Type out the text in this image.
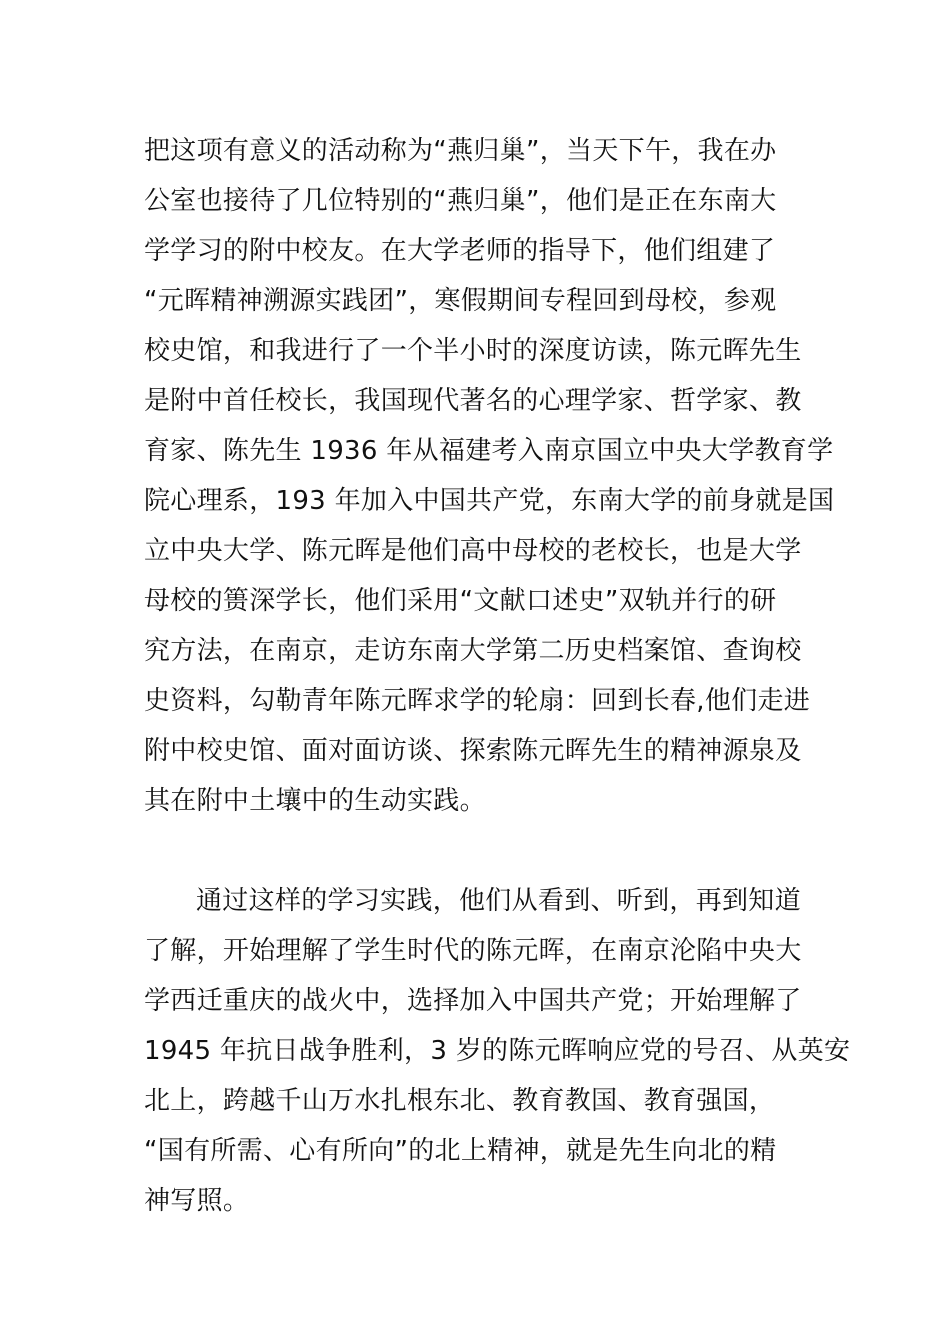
把这项有意义的活动称为“燕归巢”，当天下午，我在办
公室也接待了几位特别的“燕归巢”，他们是正在东南大
学学习的附中校友。在大学老师的指导下，他们组建了
“元晖精神溯源实践团”，寒假期间专程回到母校，参观
校史馆，和我进行了一个半小时的深度访读，陈元晖先生
是附中首任校长，我国现代著名的心理学家、哲学家、教
育家、陈先生 1936 年从福建考入南京国立中央大学教育学
院心理系，193 年加入中国共产党，东南大学的前身就是国
立中央大学、陈元晖是他们高中母校的老校长，也是大学
母校的篑深学长，他们采用“文献口述史”双轨并行的研
究方法，在南京，走访东南大学第二历史档案馆、查询校
史资料，勾勒青年陈元晖求学的轮扇：回到长春,他们走进
附中校史馆、面对面访谈、探索陈元晖先生的精神源泉及
其在附中土壤中的生动实践。
通过这样的学习实践，他们从看到、听到，再到知道
了解，开始理解了学生时代的陈元晖，在南京沦陷中央大
学西迁重庆的战火中，选择加入中国共产党；开始理解了
1945 年抗日战争胜利，3 岁的陈元晖响应党的号召、从英安
北上，跨越千山万水扎根东北、教育教国、教育强国，
“国有所需、心有所向”的北上精神，就是先生向北的精
神写照。
